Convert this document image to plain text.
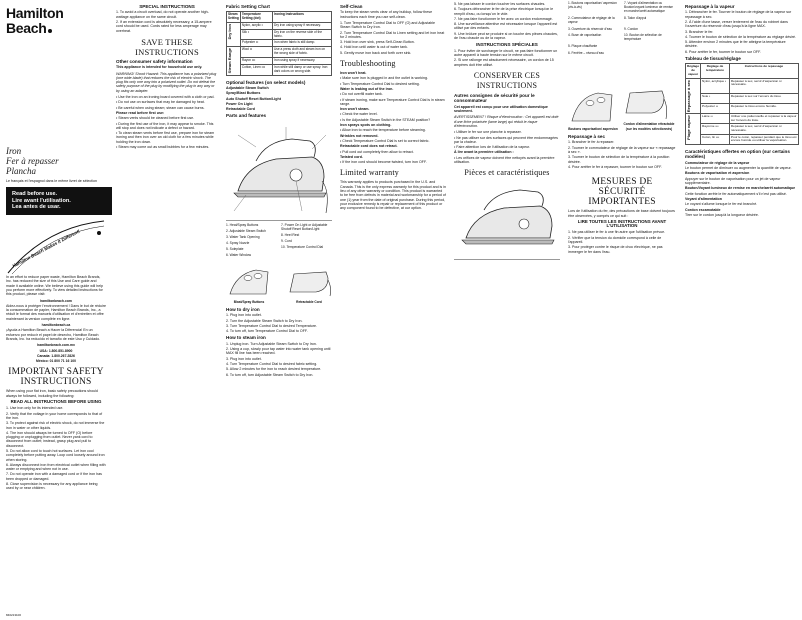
Hamilton Beach
Iron
Fer à repasser
Plancha
Le français et l'espagnol dans le même livret de sélection
Read before use.
Lire avant l'utilisation.
Lea antes de usar.
Hamilton Beach Makes It Different!

In an effort to reduce paper waste, Hamilton Beach Brands, Inc. has reduced the size of this Use and Care guide and made it available online. We believe using this guide will help you perform more effectively. To view detailed instructions for this product, please visit:

hamiltonbeach.com

Aidez-nous à protéger l'environnement ! Dans le but de réduire la consommation de papier, Hamilton Beach Brands, Inc., a réduit le format des manuels d'utilisation et d'entretien et offre maintenant la version complète en ligne.

hamiltonbeach.ca

¡Ayuda a Hamilton Beach a Hacer la Diferencia! En un esfuerzo por reducir el papel de desecho, Hamilton Beach Brands, Inc. ha reducido el tamaño de este Uso y Cuidado.

hamiltonbeach.com.mx
USA: 1.800.851.8900
Canada: 1.800.267.2826
México: 01 800 71 16 100
IMPORTANT SAFETY INSTRUCTIONS

When using your flat iron, basic safety precautions should always be followed, including the following:

READ ALL INSTRUCTIONS BEFORE USING

1. Use iron only for its intended use.

2. Verify that the voltage in your home corresponds to that of the iron.

3. To protect against risk of electric shock, do not immerse the iron in water or other liquids.

4. The iron should always be turned to OFF (O) before plugging or unplugging from outlet. Never yank cord to disconnect from outlet; instead, grasp plug and pull to disconnect.

5. Do not allow cord to touch hot surfaces. Let iron cool completely before putting away. Loop cord loosely around iron when storing.

6. Always disconnect iron from electrical outlet when filling with water or emptying and when not in use.

7. Do not operate iron with a damaged cord or if the iron has been dropped or damaged.

8. Close supervision is necessary for any appliance being used by or near children.

840213100
SPECIAL INSTRUCTIONS

1. To avoid a circuit overload, do not operate another high-wattage appliance on the same circuit.

2. If an extension cord is absolutely necessary, a 15-ampere cord should be used. Cords rated for less amperage may overheat.

SAVE THESE INSTRUCTIONS
Other consumer safety information

This appliance is intended for household use only.

WARNING! Shock Hazard: This appliance has a polarized plug (one wide blade) that reduces the risk of electric shock. The plug fits only one way into a polarized outlet. Do not defeat the safety purpose of the plug by modifying the plug in any way or by using an adapter.

• Use the iron on an ironing board covered with a cloth or pad.

• Do not use on surfaces that may be damaged by heat.

• Be careful when using steam; steam can cause burns.

Please read before first use:

• Steam vents should be cleaned before first use.

• During the first use of the iron, it may appear to smoke. This will stop and does not indicate a defect or hazard.

• To clean steam vents before first use, prepare iron for steam ironing and then iron over an old cloth for a few minutes while holding the iron down.

• Steam may come out as small bubbles for a few minutes.

Fabric Setting Chart
Steam Setting	Temperature Setting (dot)	Ironing Instructions

Dry Iron	Nylon, acrylic •	Dry iron using spray if necessary.
	Silk •	Dry iron on the reverse side of the fabric.
	Polyester ••	Iron when fabric is still damp.

Steam Range	Wool ••	Use a press cloth and steam iron on the wrong side of fabric.
	Rayon •••	Iron using spray if necessary.
	Cotton, Linen •••	Iron while still damp or use spray. Iron dark colors on wrong side.
Optional features (on select models)

Adjustable Steam Switch

Spray/Blast Buttons

Auto Shutoff Reset Button/Light

Power On Light

Retractable Cord

Parts and features

1. Heat/Spray Buttons

2. Adjustable Steam Switch

3. Water Tank Opening

4. Spray Nozzle

5. Soleplate

6. Water Window

7. Power On Light or Adjustable Shutoff Reset Button/Light

8. Heel Rest

9. Cord

10. Temperature Control Dial

Blast/Spray Buttons	Retractable Cord
How to dry iron

1. Plug iron into outlet.

2. Turn the Adjustable Steam Switch to Dry Iron.

3. Turn Temperature Control Dial to desired Temperature.

4. To turn off, turn Temperature Control Dial to OFF.

How to steam iron

1. Unplug iron. Turn Adjustable Steam Switch to Dry Iron.

2. Using a cup, slowly pour tap water into water tank opening until MAX fill line has been reached.

3. Plug iron into outlet.

4. Turn Temperature Control Dial to desired fabric setting.

5. Allow 2 minutes for the iron to reach desired temperature.

6. To turn off, turn Adjustable Steam Switch to Dry Iron.

Self-Clean

To keep the steam vents clear of any buildup, follow these instructions each time you use self-clean.

1. Turn Temperature Control Dial to OFF (O) and Adjustable Steam Switch to Dry Iron.

2. Turn Temperature Control Dial to Linen setting and let iron heat for 2 minutes.

3. Hold iron over sink, press Self-Clean Button.

4. Hold iron until water is out of water tank.

5. Gently move iron back and forth over sink.

Troubleshooting

Iron won't heat.

• Make sure iron is plugged in and the outlet is working.

• Turn Temperature Control Dial to desired setting.

Water is leaking out of the iron.

• Do not overfill water tank.

• If steam ironing, make sure Temperature Control Dial is in steam range.

Iron won't steam.

• Check the water level.

• Is the Adjustable Steam Switch in the STEAM position?

Iron sprays spots on clothing.

• Allow iron to reach the temperature before steaming.

Wrinkles not removed.

• Check Temperature Control Dial is set to correct fabric.

Retractable cord does not retract.

• Pull cord out completely then allow to retract.

Twisted cord.

• If the iron cord should become twisted, turn iron OFF.

Limited warranty

This warranty applies to products purchased in the U.S. and Canada. This is the only express warranty for this product and is in lieu of any other warranty or condition. This product is warranted to be free from defects in material and workmanship for a period of one (1) year from the date of original purchase. During this period, your exclusive remedy is repair or replacement of this product or any component found to be defective, at our option.

5. Ne pas laisser le cordon toucher les surfaces chaudes.

6. Toujours débrancher le fer de la prise électrique lorsqu'on le remplit d'eau, ou lorsqu'on le vide.

7. Ne pas faire fonctionner le fer avec un cordon endommagé.

8. Une surveillance attentive est nécessaire lorsque l'appareil est utilisé par des enfants.

9. Une brûlure peut se produire si on touche des pièces chaudes, de l'eau chaude ou de la vapeur.

INSTRUCTIONS SPÉCIALES

1. Pour éviter de surcharger le circuit, ne pas faire fonctionner un autre appareil à haute tension sur le même circuit.

2. Si une rallonge est absolument nécessaire, un cordon de 15 ampères doit être utilisé.

CONSERVER CES INSTRUCTIONS
Autres consignes de sécurité pour le consommateur

Cet appareil est conçu pour une utilisation domestique seulement.

AVERTISSEMENT ! Risque d'électrocution : Cet appareil est doté d'une fiche polarisée (lame large) qui réduit le risque d'électrocution.

• Utiliser le fer sur une planche à repasser.

• Ne pas utiliser sur des surfaces qui peuvent être endommagées par la chaleur.

• Faire attention lors de l'utilisation de la vapeur.

À lire avant la première utilisation :

• Les orifices de vapeur doivent être nettoyés avant la première utilisation.

Pièces et caractéristiques

1. Boutons vaporisation/ aspersion (vis-à-vis)

7. Voyant d'alimentation ou Bouton/voyant lumineux de remise en marche/arrêt automatique

2. Commutateur de réglage de la vapeur

8. Talon d'appui

3. Ouverture du réservoir d'eau	9. Cordon

4. Buse de vaporisation	10. Bouton de sélection de température

5. Plaque chauffante

6. Fenêtre – niveau d'eau

Boutons vaporisation/ aspersion
Cordon d'alimentation rétractable (sur les modèles sélectionnés)
Repassage à sec

1. Brancher le fer à repasser.

2. Tourner le commutateur de réglage de la vapeur sur « repassage à sec ».

3. Tourner le bouton de sélection de la température à la position désirée.

4. Pour arrêter le fer à repasser, tourner le bouton sur OFF.

MESURES DE SÉCURITÉ IMPORTANTES

Lors de l'utilisation du fer, des précautions de base doivent toujours être observées, y compris ce qui suit :

LIRE TOUTES LES INSTRUCTIONS AVANT L'UTILISATION

1. Ne pas utiliser le fer à une fin autre que l'utilisation prévue.

2. Vérifier que la tension du domicile correspond à celle de l'appareil.

3. Pour protéger contre le risque de choc électrique, ne pas immerger le fer dans l'eau.

Repassage à la vapeur

1. Débrancher le fer. Tourner le bouton de réglage de la vapeur sur repassage à sec.

2. À l'aide d'une tasse, verser lentement de l'eau du robinet dans l'ouverture du réservoir d'eau jusqu'à la ligne MAX.

3. Brancher le fer.

4. Tourner le bouton de sélection de la température au réglage désiré.

5. Attendre environ 2 minutes que le fer atteigne la température désirée.

6. Pour arrêter le fer, tourner le bouton sur OFF.

Tableau de tissus/réglage
Réglage de vapeur	Réglage de température	Instructions de repassage

Repassage à sec	Nylon, acrylique •	Repasser à sec, servir d'aspersion si nécessaire.
	Soie •	Repasser à sec sur l'envers du tissu.
	Polyester ••	Repasser le tissu encore humide.

Plage vapeur	Laine ••	Utiliser une pattemouille et repasser à la vapeur sur l'envers du tissu.
	Rayonne •••	Repasser à sec, servir d'aspersion si nécessaire.
	Coton, lin •••	Pour le coton, repasser pendant que le tissu est encore humide ou utiliser la vaporisation.
Caractéristiques offertes en option (sur certains modèles)

Commutateur de réglage de la vapeur

Le bouton permet de diminuer ou augmenter la quantité de vapeur.

Boutons de vaporisation et aspersion

Appuyer sur le bouton de vaporisation pour un jet de vapeur supplémentaire.

Bouton/Voyant lumineux de remise en marche/arrêt automatique

Cette fonction arrête le fer automatiquement s'il n'est pas utilisé.

Voyant d'alimentation

Le voyant s'allume lorsque le fer est branché.

Cordon escamotable

Tirer sur le cordon jusqu'à la longueur désirée.
